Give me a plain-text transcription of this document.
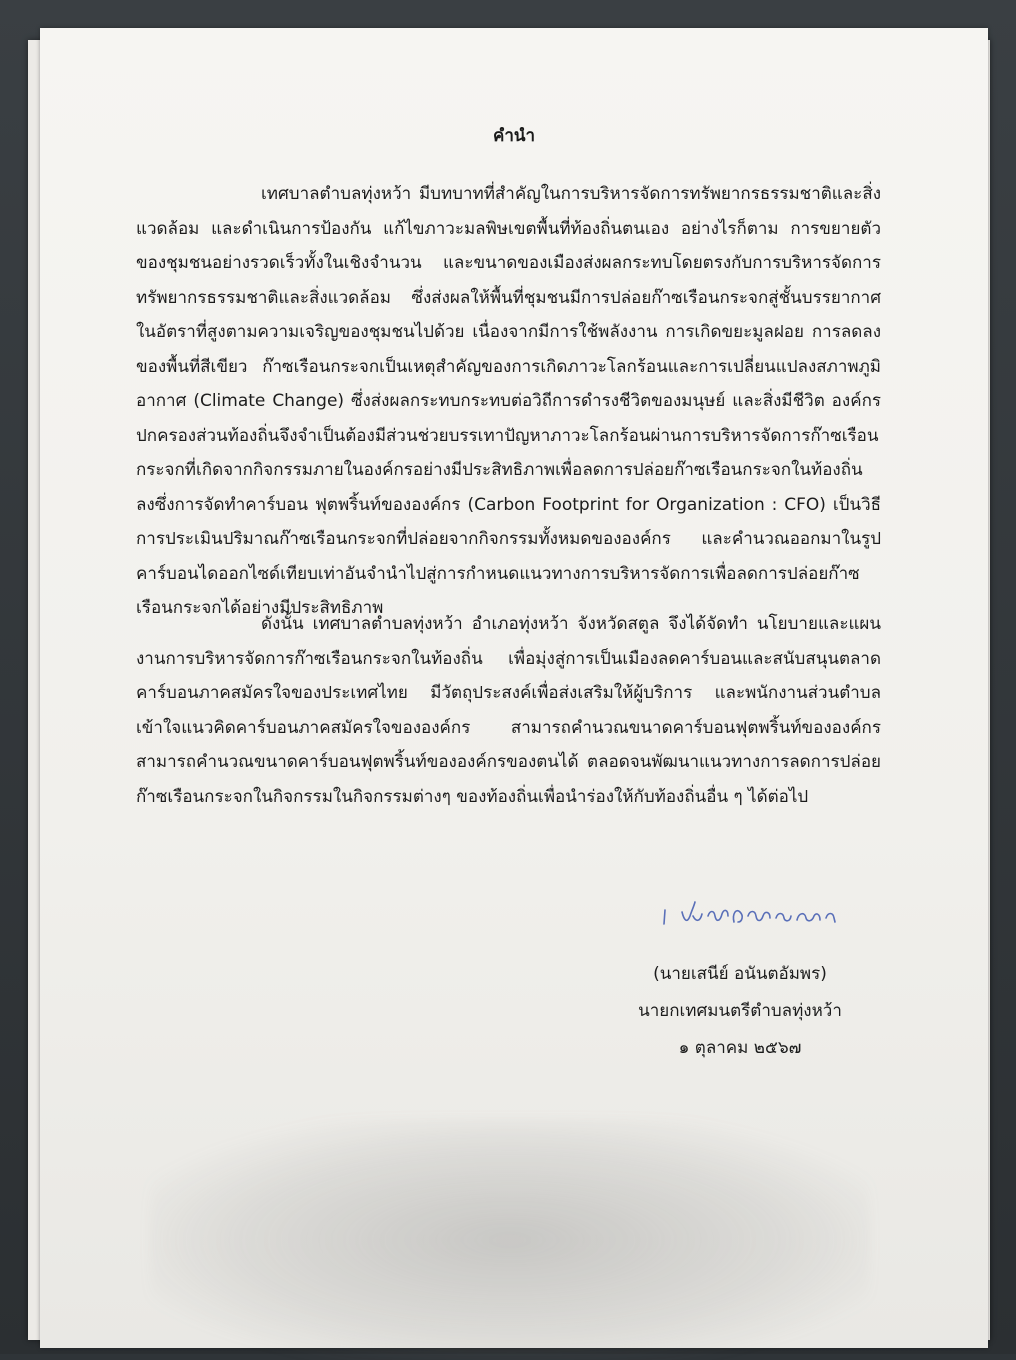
คำนำ

เทศบาลตำบลทุ่งหว้า มีบทบาทที่สำคัญในการบริหารจัดการทรัพยากรธรรมชาติและสิ่งแวดล้อม และดำเนินการป้องกัน แก้ไขภาวะมลพิษเขตพื้นที่ท้องถิ่นตนเอง อย่างไรก็ตาม การขยายตัวของชุมชนอย่างรวดเร็วทั้งในเชิงจำนวน และขนาดของเมืองส่งผลกระทบโดยตรงกับการบริหารจัดการทรัพยากรธรรมชาติและสิ่งแวดล้อม ซึ่งส่งผลให้พื้นที่ชุมชนมีการปล่อยก๊าซเรือนกระจกสู่ชั้นบรรยากาศในอัตราที่สูงตามความเจริญของชุมชนไปด้วย เนื่องจากมีการใช้พลังงาน การเกิดขยะมูลฝอย การลดลงของพื้นที่สีเขียว ก๊าซเรือนกระจกเป็นเหตุสำคัญของการเกิดภาวะโลกร้อนและการเปลี่ยนแปลงสภาพภูมิอากาศ (Climate Change) ซึ่งส่งผลกระทบกระทบต่อวิถีการดำรงชีวิตของมนุษย์ และสิ่งมีชีวิต องค์กรปกครองส่วนท้องถิ่นจึงจำเป็นต้องมีส่วนช่วยบรรเทาปัญหาภาวะโลกร้อนผ่านการบริหารจัดการก๊าซเรือนกระจกที่เกิดจากกิจกรรมภายในองค์กรอย่างมีประสิทธิภาพเพื่อลดการปล่อยก๊าซเรือนกระจกในท้องถิ่นลงซึ่งการจัดทำคาร์บอน ฟุตพริ้นท์ขององค์กร (Carbon Footprint for Organization : CFO) เป็นวิธีการประเมินปริมาณก๊าซเรือนกระจกที่ปล่อยจากกิจกรรมทั้งหมดขององค์กร และคำนวณออกมาในรูปคาร์บอนไดออกไซด์เทียบเท่าอันจำนำไปสู่การกำหนดแนวทางการบริหารจัดการเพื่อลดการปล่อยก๊าซเรือนกระจกได้อย่างมีประสิทธิภาพ

ดังนั้น เทศบาลตำบลทุ่งหว้า อำเภอทุ่งหว้า จังหวัดสตูล จึงได้จัดทำ นโยบายและแผนงานการบริหารจัดการก๊าซเรือนกระจกในท้องถิ่น เพื่อมุ่งสู่การเป็นเมืองลดคาร์บอนและสนับสนุนตลาดคาร์บอนภาคสมัครใจของประเทศไทย มีวัตถุประสงค์เพื่อส่งเสริมให้ผู้บริการ และพนักงานส่วนตำบลเข้าใจแนวคิดคาร์บอนภาคสมัครใจขององค์กร สามารถคำนวณขนาดคาร์บอนฟุตพริ้นท์ขององค์กร สามารถคำนวณขนาดคาร์บอนฟุตพริ้นท์ขององค์กรของตนได้ ตลอดจนพัฒนาแนวทางการลดการปล่อยก๊าซเรือนกระจกในกิจกรรมในกิจกรรมต่างๆ ของท้องถิ่นเพื่อนำร่องให้กับท้องถิ่นอื่น ๆ ได้ต่อไป

(นายเสนีย์ อนันตอัมพร)

นายกเทศมนตรีตำบลทุ่งหว้า

๑ ตุลาคม ๒๕๖๗
